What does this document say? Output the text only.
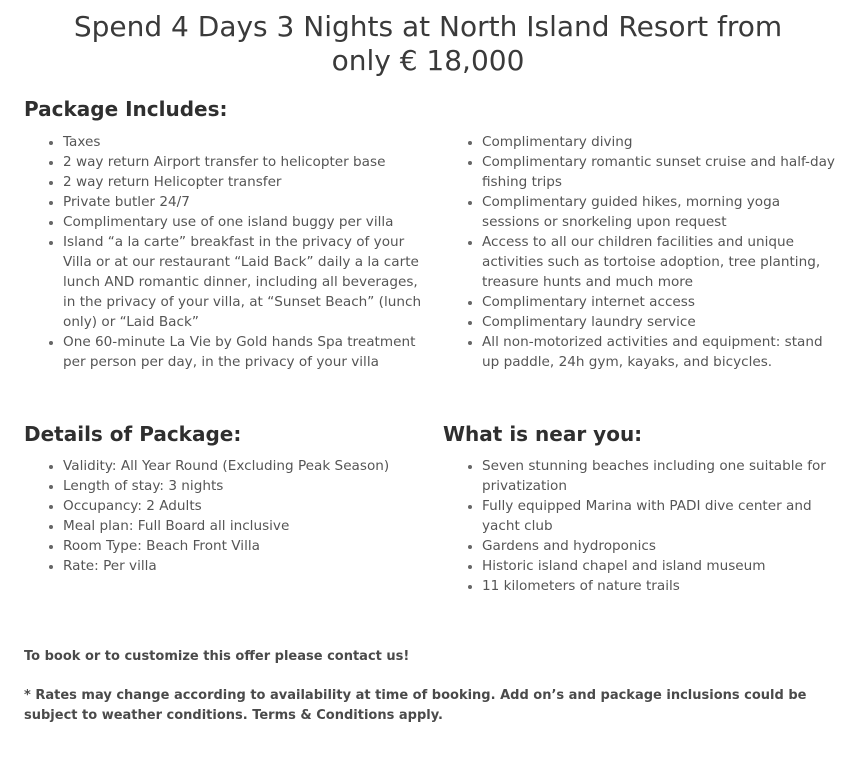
Spend 4 Days 3 Nights at North Island Resort from only € 18,000
Package Includes:
• Taxes
• 2 way return Airport transfer to helicopter base
• 2 way return Helicopter transfer
• Private butler 24/7
• Complimentary use of one island buggy per villa
• Island “a la carte” breakfast in the privacy of your Villa or at our restaurant “Laid Back” daily a la carte lunch AND romantic dinner, including all beverages, in the privacy of your villa, at “Sunset Beach” (lunch only) or “Laid Back”
• One 60-minute La Vie by Gold hands Spa treatment per person per day, in the privacy of your villa
• Complimentary diving
• Complimentary romantic sunset cruise and half-day fishing trips
• Complimentary guided hikes, morning yoga sessions or snorkeling upon request
• Access to all our children facilities and unique activities such as tortoise adoption, tree planting, treasure hunts and much more
• Complimentary internet access
• Complimentary laundry service
• All non-motorized activities and equipment: stand up paddle, 24h gym, kayaks, and bicycles.
Details of Package:
• Validity: All Year Round (Excluding Peak Season)
• Length of stay: 3 nights
• Occupancy: 2 Adults
• Meal plan: Full Board all inclusive
• Room Type: Beach Front Villa
• Rate: Per villa
What is near you:
• Seven stunning beaches including one suitable for privatization
• Fully equipped Marina with PADI dive center and yacht club
• Gardens and hydroponics
• Historic island chapel and island museum
• 11 kilometers of nature trails

To book or to customize this offer please contact us!

* Rates may change according to availability at time of booking. Add on’s and package inclusions could be subject to weather conditions. Terms & Conditions apply.
